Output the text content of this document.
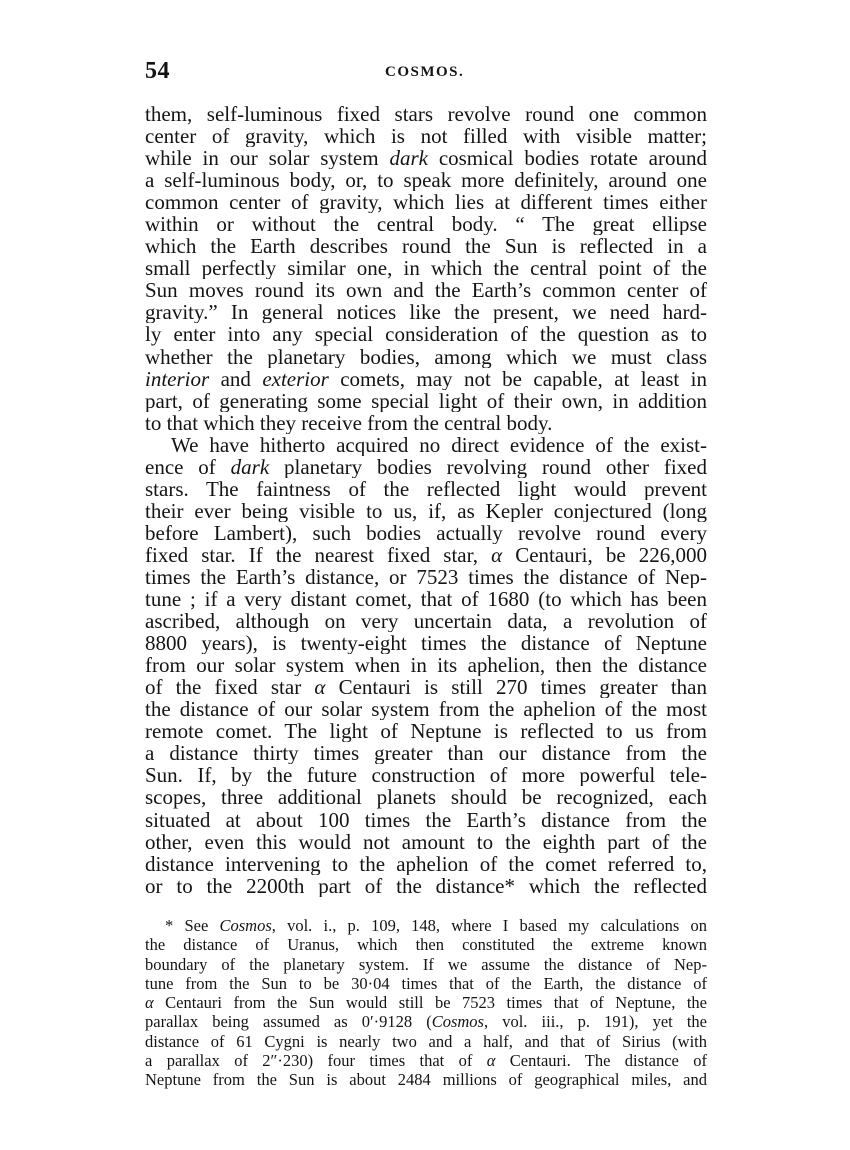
54	COSMOS.
them, self-luminous fixed stars revolve round one common
center of gravity, which is not filled with visible matter;
while in our solar system dark cosmical bodies rotate around
a self-luminous body, or, to speak more definitely, around one
common center of gravity, which lies at different times either
within or without the central body. “ The great ellipse
which the Earth describes round the Sun is reflected in a
small perfectly similar one, in which the central point of the
Sun moves round its own and the Earth’s common center of
gravity.” In general notices like the present, we need hard-
ly enter into any special consideration of the question as to
whether the planetary bodies, among which we must class
interior and exterior comets, may not be capable, at least in
part, of generating some special light of their own, in addition
to that which they receive from the central body.
We have hitherto acquired no direct evidence of the exist-
ence of dark planetary bodies revolving round other fixed
stars. The faintness of the reflected light would prevent
their ever being visible to us, if, as Kepler conjectured (long
before Lambert), such bodies actually revolve round every
fixed star. If the nearest fixed star, α Centauri, be 226,000
times the Earth’s distance, or 7523 times the distance of Nep-
tune ; if a very distant comet, that of 1680 (to which has been
ascribed, although on very uncertain data, a revolution of
8800 years), is twenty-eight times the distance of Neptune
from our solar system when in its aphelion, then the distance
of the fixed star α Centauri is still 270 times greater than
the distance of our solar system from the aphelion of the most
remote comet. The light of Neptune is reflected to us from
a distance thirty times greater than our distance from the
Sun. If, by the future construction of more powerful tele-
scopes, three additional planets should be recognized, each
situated at about 100 times the Earth’s distance from the
other, even this would not amount to the eighth part of the
distance intervening to the aphelion of the comet referred to,
or to the 2200th part of the distance* which the reflected
* See Cosmos, vol. i., p. 109, 148, where I based my calculations on
the distance of Uranus, which then constituted the extreme known
boundary of the planetary system. If we assume the distance of Nep-
tune from the Sun to be 30·04 times that of the Earth, the distance of
α Centauri from the Sun would still be 7523 times that of Neptune, the
parallax being assumed as 0′·9128 (Cosmos, vol. iii., p. 191), yet the
distance of 61 Cygni is nearly two and a half, and that of Sirius (with
a parallax of 2″·230) four times that of α Centauri. The distance of
Neptune from the Sun is about 2484 millions of geographical miles, and
